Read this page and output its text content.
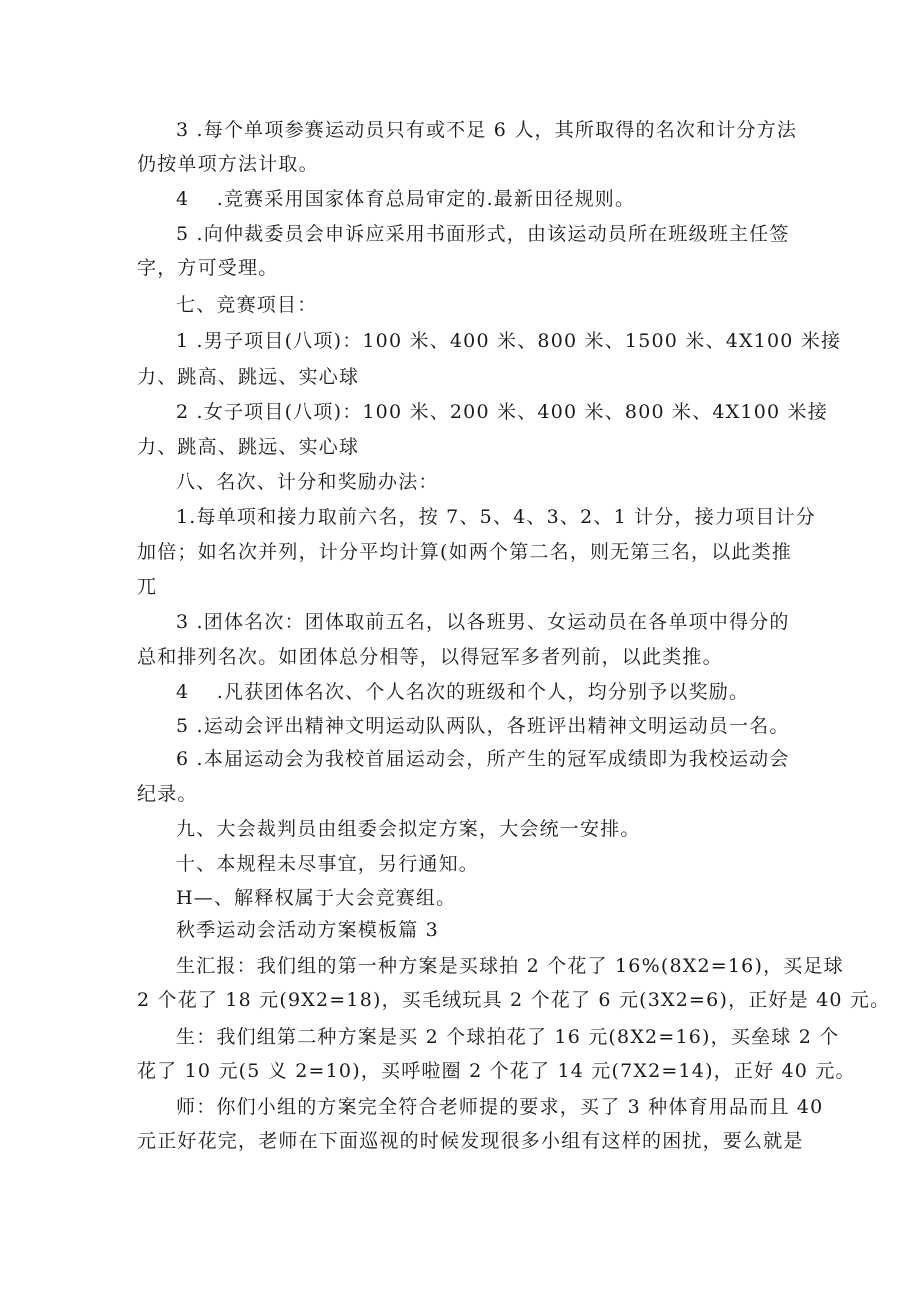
3 .每个单项参赛运动员只有或不足 6 人，其所取得的名次和计分方法
仍按单项方法计取。
4 　.竞赛采用国家体育总局审定的.最新田径规则。
5 .向仲裁委员会申诉应采用书面形式，由该运动员所在班级班主任签
字，方可受理。
七、竞赛项目：
1 .男子项目(八项)：100 米、400 米、800 米、1500 米、4X100 米接
力、跳高、跳远、实心球
2 .女子项目(八项)：100 米、200 米、400 米、800 米、4X100 米接
力、跳高、跳远、实心球
八、名次、计分和奖励办法：
1.每单项和接力取前六名，按 7、5、4、3、2、1 计分，接力项目计分
加倍；如名次并列，计分平均计算(如两个第二名，则无第三名，以此类推
兀
3 .团体名次：团体取前五名，以各班男、女运动员在各单项中得分的
总和排列名次。如团体总分相等，以得冠军多者列前，以此类推。
4 　.凡获团体名次、个人名次的班级和个人，均分别予以奖励。
5 .运动会评出精神文明运动队两队，各班评出精神文明运动员一名。
6 .本届运动会为我校首届运动会，所产生的冠军成绩即为我校运动会
纪录。
九、大会裁判员由组委会拟定方案，大会统一安排。
十、本规程未尽事宜，另行通知。
H—、解释权属于大会竞赛组。
秋季运动会活动方案模板篇 3
生汇报：我们组的第一种方案是买球拍 2 个花了 16%(8X2=16)，买足球
2 个花了 18 元(9X2=18)，买毛绒玩具 2 个花了 6 元(3X2=6)，正好是 40 元。
生：我们组第二种方案是买 2 个球拍花了 16 元(8X2=16)，买垒球 2 个
花了 10 元(5 义 2=10)，买呼啦圈 2 个花了 14 元(7X2=14)，正好 40 元。
师：你们小组的方案完全符合老师提的要求，买了 3 种体育用品而且 40
元正好花完，老师在下面巡视的时候发现很多小组有这样的困扰，要么就是
